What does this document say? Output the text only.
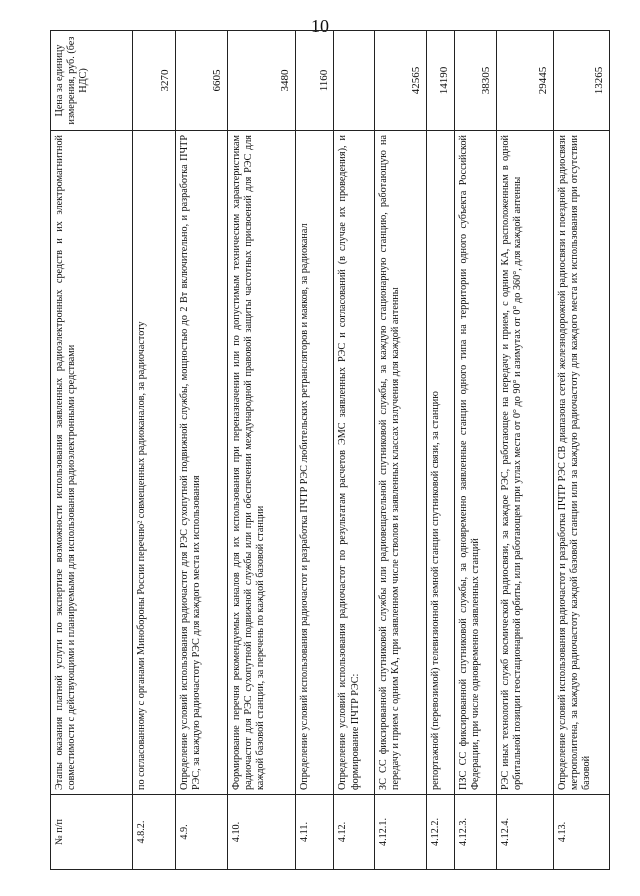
10
№ п/п	Этапы оказания платной услуги по экспертизе возможности использования заявленных радиоэлектронных средств и их электромагнитной совместимости с действующими и планируемыми для использования радиоэлектронными средствами	Цена за единицу измерения, руб. (без НДС)
4.8.2.	по согласованному с органами Минобороны России перечню² совмещенных радиоканалов, за радиочастоту	3270
4.9.	Определение условий использования радиочастот для РЭС сухопутной подвижной службы, мощностью до 2 Вт включительно, и разработка ПЧТР РЭС, за каждую радиочастоту РЭС для каждого места их использования	6605
4.10.	Формирование перечня рекомендуемых каналов для их использования при переназначении или по допустимым техническим характеристикам радиочастот для РЭС сухопутной подвижной службы или при обеспечении международной правовой защиты частотных присвоений для РЭС для каждой базовой станции, за перечень по каждой базовой станции	3480
4.11.	Определение условий использования радиочастот и разработка ПЧТР РЭС любительских ретрансляторов и маяков, за радиоканал	1160
4.12.	Определение условий использования радиочастот по результатам расчетов ЭМС заявленных РЭС и согласований (в случае их проведения), и формирование ПЧТР РЭС:	
4.12.1.	ЗС СС фиксированной спутниковой службы или радиовещательной спутниковой службы, за каждую стационарную станцию, работающую на передачу и прием с одним КА, при заявленном числе стволов и заявленных классах излучения для каждой антенны	42565
4.12.2.	репортажной (перевозимой) телевизионной земной станции спутниковой связи, за станцию	14190
4.12.3.	ПЗС СС фиксированной спутниковой службы, за одновременно заявленные станции одного типа на территории одного субъекта Российской Федерации, при числе одновременно заявленных станций	38305
4.12.4.	РЭС иных технологий служб космической радиосвязи, за каждое РЭС, работающее на передачу и прием, с одним КА, расположенным в одной орбитальной позиции геостационарной орбиты, или работающем при углах места от 0° до 90° и азимутах от 0° до 360°, для каждой антенны	29445
4.13.	Определение условий использования радиочастот и разработка ПЧТР РЭС СВ диапазона сетей железнодорожной радиосвязи и поездной радиосвязи метрополитена, за каждую радиочастоту каждой базовой станции или за каждую радиочастоту для каждого места их использования при отсутствии базовой	13265
